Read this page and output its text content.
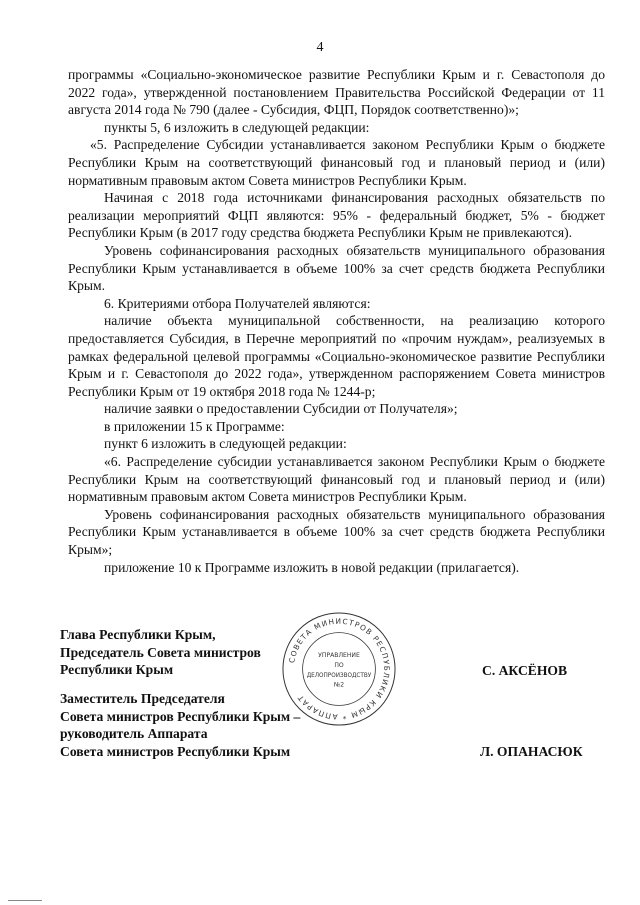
4

программы «Социально-экономическое развитие Республики Крым и г. Севастополя до 2022 года», утвержденной постановлением Правительства Российской Федерации от 11 августа 2014 года № 790 (далее - Субсидия, ФЦП, Порядок соответственно)»;

пункты 5, 6 изложить в следующей редакции:

«5. Распределение Субсидии устанавливается законом Республики Крым о бюджете Республики Крым на соответствующий финансовый год и плановый период и (или) нормативным правовым актом Совета министров Республики Крым.

Начиная с 2018 года источниками финансирования расходных обязательств по реализации мероприятий ФЦП являются: 95% - федеральный бюджет, 5% - бюджет Республики Крым (в 2017 году средства бюджета Республики Крым не привлекаются).

Уровень софинансирования расходных обязательств муниципального образования Республики Крым устанавливается в объеме 100% за счет средств бюджета Республики Крым.

6. Критериями отбора Получателей являются:

наличие объекта муниципальной собственности, на реализацию которого предоставляется Субсидия, в Перечне мероприятий по «прочим нуждам», реализуемых в рамках федеральной целевой программы «Социально-экономическое развитие Республики Крым и г. Севастополя до 2022 года», утвержденном распоряжением Совета министров Республики Крым от 19 октября 2018 года № 1244-р;

наличие заявки о предоставлении Субсидии от Получателя»;

в приложении 15 к Программе:

пункт 6 изложить в следующей редакции:

«6. Распределение субсидии устанавливается законом Республики Крым о бюджете Республики Крым на соответствующий финансовый год и плановый период и (или) нормативным правовым актом Совета министров Республики Крым.

Уровень софинансирования расходных обязательств муниципального образования Республики Крым устанавливается в объеме 100% за счет средств бюджета Республики Крым»;

приложение 10 к Программе изложить в новой редакции (прилагается).

Глава Республики Крым,
Председатель Совета министров
Республики Крым	С. АКСЁНОВ
Заместитель Председателя
Совета министров Республики Крым –
руководитель Аппарата
Совета министров Республики Крым	Л. ОПАНАСЮК
СОВЕТА МИНИСТРОВ РЕСПУБЛИКИ КРЫМ * АППАРАТ
УПРАВЛЕНИЕ
ПО
ДЕЛОПРОИЗВОДСТВУ
№2
